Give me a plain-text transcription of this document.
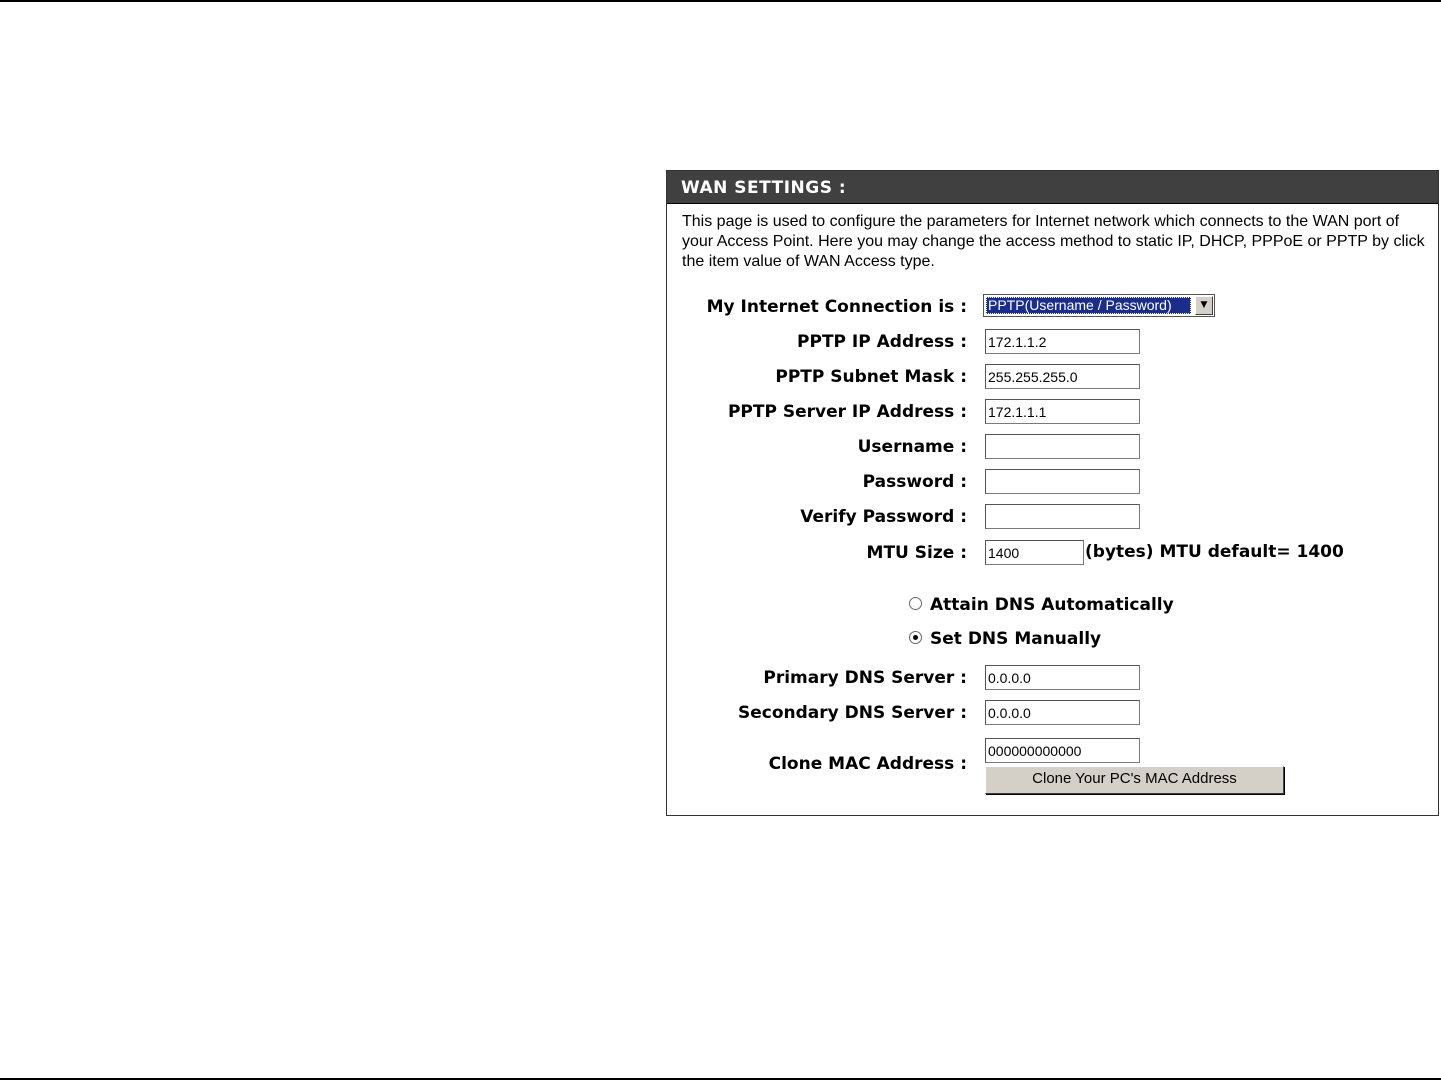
WAN SETTINGS :
This page is used to configure the parameters for Internet network which connects to the WAN port of your Access Point. Here you may change the access method to static IP, DHCP, PPPoE or PPTP by click the item value of WAN Access type.
My Internet Connection is : PPTP(Username / Password)	▼
PPTP IP Address :
172.1.1.2
PPTP Subnet Mask :
255.255.255.0
PPTP Server IP Address :
172.1.1.1
Username :
Password :
Verify Password :
MTU Size :
1400	(bytes) MTU default= 1400
Attain DNS Automatically
Set DNS Manually
Primary DNS Server :
0.0.0.0
Secondary DNS Server :
0.0.0.0
Clone MAC Address :
000000000000
Clone Your PC's MAC Address
